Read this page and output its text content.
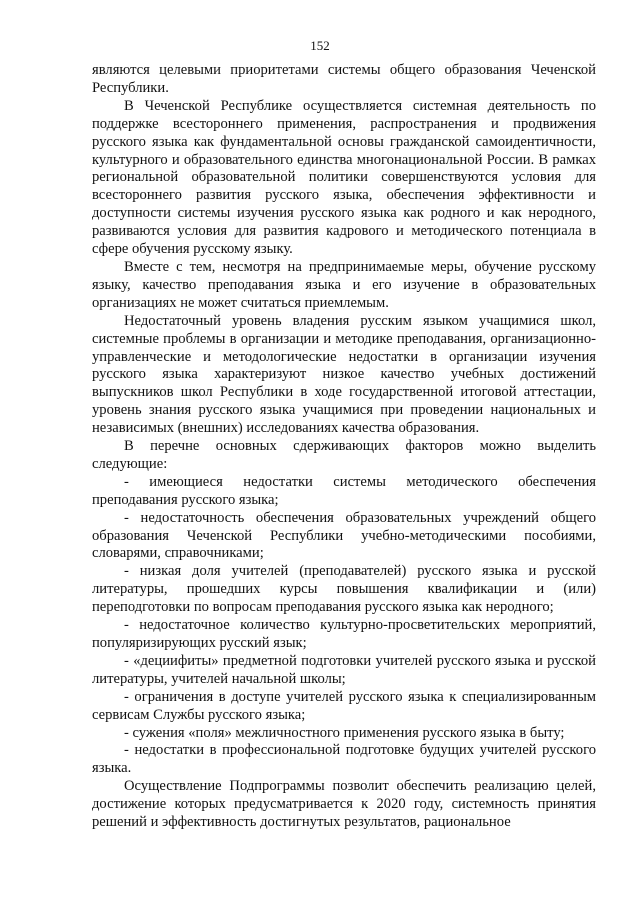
152

являются целевыми приоритетами системы общего образования Чеченской Республики.

В Чеченской Республике осуществляется системная деятельность по поддержке всестороннего применения, распространения и продвижения русского языка как фундаментальной основы гражданской самоидентичности, культурного и образовательного единства многонациональной России. В рамках региональной образовательной политики совершенствуются условия для всестороннего развития русского языка, обеспечения эффективности и доступности системы изучения русского языка как родного и как неродного, развиваются условия для развития кадрового и методического потенциала в сфере обучения русскому языку.

Вместе с тем, несмотря на предпринимаемые меры, обучение русскому языку, качество преподавания языка и его изучение в образовательных организациях не может считаться приемлемым.

Недостаточный уровень владения русским языком учащимися школ, системные проблемы в организации и методике преподавания, организационно-управленческие и методологические недостатки в организации изучения русского языка характеризуют низкое качество учебных достижений выпускников школ Республики в ходе государственной итоговой аттестации, уровень знания русского языка учащимися при проведении национальных и независимых (внешних) исследованиях качества образования.

В перечне основных сдерживающих факторов можно выделить следующие:

- имеющиеся недостатки системы методического обеспечения преподавания русского языка;

- недостаточность обеспечения образовательных учреждений общего образования Чеченской Республики учебно-методическими пособиями, словарями, справочниками;

- низкая доля учителей (преподавателей) русского языка и русской литературы, прошедших курсы повышения квалификации и (или) переподготовки по вопросам преподавания русского языка как неродного;

- недостаточное количество культурно-просветительских мероприятий, популяризирующих русский язык;

- «дециифиты» предметной подготовки учителей русского языка и русской литературы, учителей начальной школы;

- ограничения в доступе учителей русского языка к специализированным сервисам Службы русского языка;

- сужения «поля» межличностного применения русского языка в быту;

- недостатки в профессиональной подготовке будущих учителей русского языка.

Осуществление Подпрограммы позволит обеспечить реализацию целей, достижение которых предусматривается к 2020 году, системность принятия решений и эффективность достигнутых результатов, рациональное
